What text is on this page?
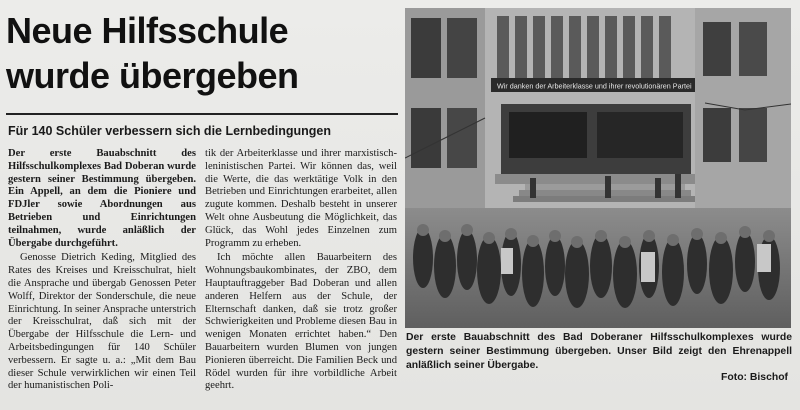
Neue Hilfsschule
wurde übergeben
Für 140 Schüler verbessern sich die Lernbedingungen

Der erste Bauabschnitt des Hilfsschulkomplexes Bad Doberan wurde gestern seiner Bestimmung übergeben. Ein Appell, an dem die Pioniere und FDJler sowie Abordnungen aus Betrieben und Einrichtungen teilnahmen, wurde anläßlich der Übergabe durchgeführt.

Genosse Dietrich Keding, Mitglied des Rates des Kreises und Kreisschulrat, hielt die Ansprache und übergab Genossen Peter Wolff, Direktor der Sonderschule, die neue Einrichtung. In seiner Ansprache unterstrich der Kreisschulrat, daß sich mit der Übergabe der Hilfsschule die Lern- und Arbeitsbedingungen für 140 Schüler verbessern. Er sagte u. a.: „Mit dem Bau dieser Schule verwirklichen wir einen Teil der humanistischen Poli-

tik der Arbeiterklasse und ihrer marxistisch-leninistischen Partei. Wir können das, weil die Werte, die das werktätige Volk in den Betrieben und Einrichtungen erarbeitet, allen zugute kommen. Deshalb besteht in unserer Welt ohne Ausbeutung die Möglichkeit, das Glück, das Wohl jedes Einzelnen zum Programm zu erheben.

Ich möchte allen Bauarbeitern des Wohnungsbaukombinates, der ZBO, dem Hauptauftraggeber Bad Doberan und allen anderen Helfern aus der Schule, der Elternschaft danken, daß sie trotz großer Schwierigkeiten und Probleme diesen Bau in wenigen Monaten errichtet haben.“ Den Bauarbeitern wurden Blumen von jungen Pionieren überreicht. Die Familien Beck und Rödel wurden für ihre vorbildliche Arbeit geehrt.

Wir danken der Arbeiterklasse und ihrer revolutionären Partei
Der erste Bauabschnitt des Bad Doberaner Hilfsschulkomplexes wurde gestern seiner Bestimmung übergeben. Unser Bild zeigt den Ehrenappell anläßlich seiner Übergabe.
Foto: Bischof
